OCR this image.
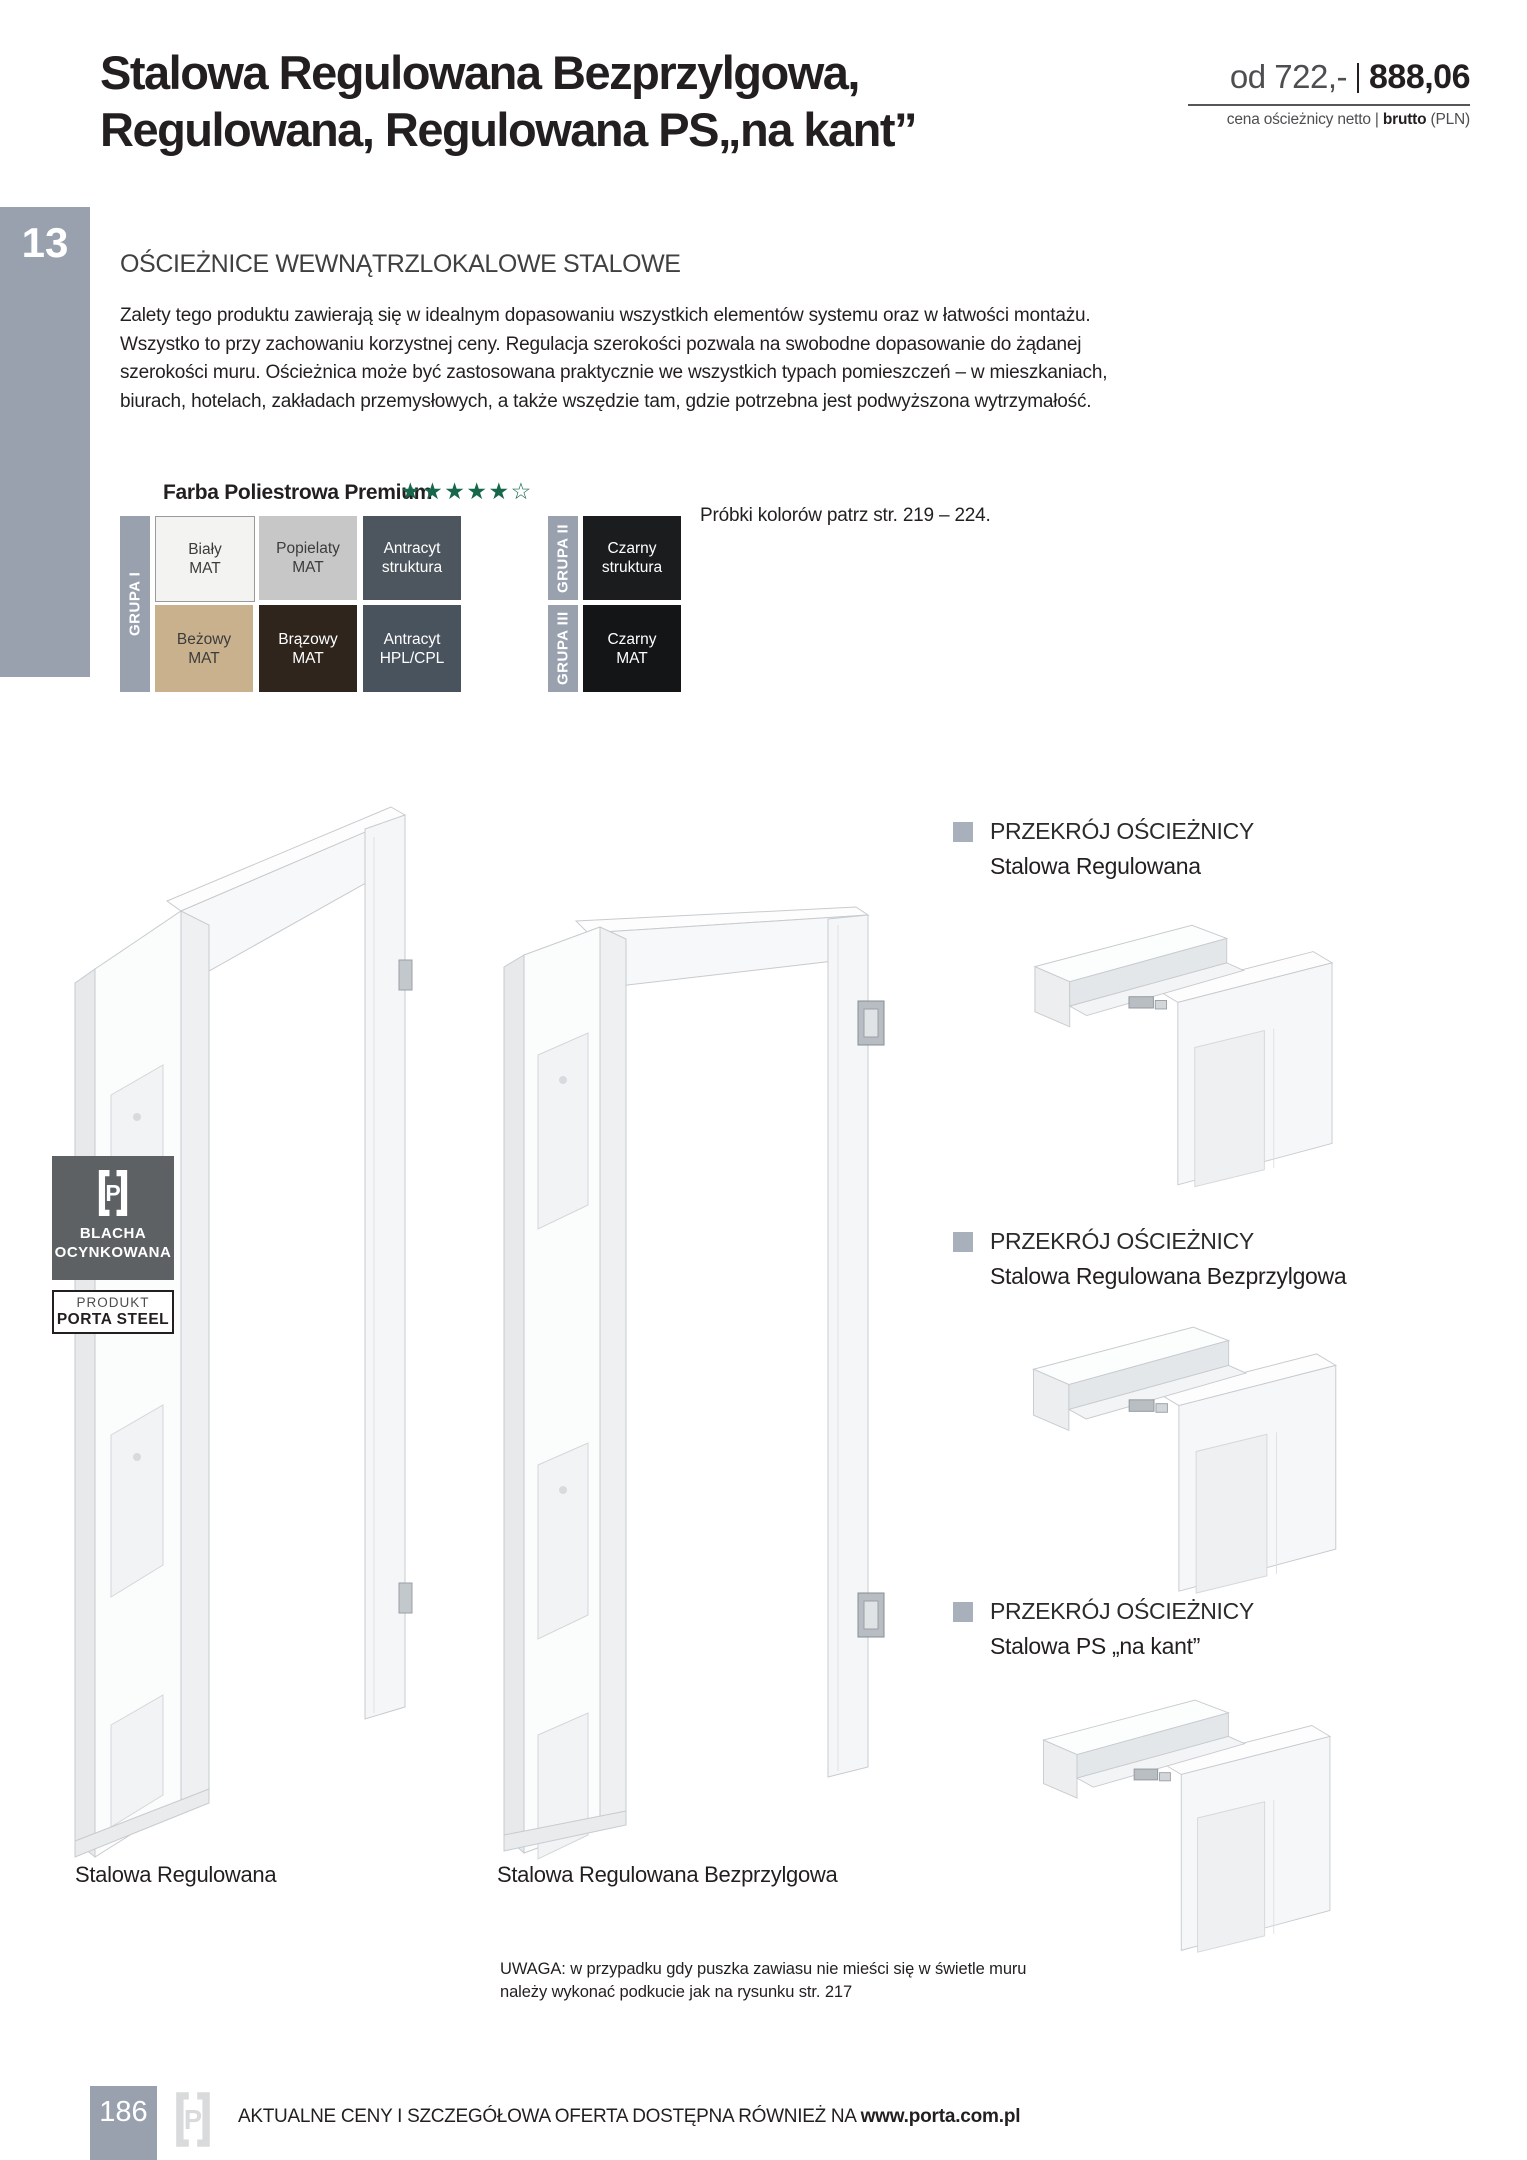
Stalowa Regulowana Bezprzylgowa,
Regulowana, Regulowana PS„na kant”
od 722,- 888,06
cena ościeżnicy netto | brutto (PLN)
13	OŚCIEŻNICE WEWNĄTRZLOKALOWE STALOWE
Zalety tego produktu zawierają się w idealnym dopasowaniu wszystkich elementów systemu oraz w łatwości montażu. Wszystko to przy zachowaniu korzystnej ceny. Regulacja szerokości pozwala na swobodne dopasowanie do żądanej szerokości muru. Ościeżnica może być zastosowana praktycznie we wszystkich typach pomieszczeń – w mieszkaniach, biurach, hotelach, zakładach przemysłowych, a także wszędzie tam, gdzie potrzebna jest podwyższona wytrzymałość.
Farba Poliestrowa Premium
★★★★★☆
Próbki kolorów patrz str. 219 – 224.
GRUPA I
Biały
MAT
Popielaty
MAT
Antracyt
struktura
Beżowy
MAT
Brązowy
MAT
Antracyt
HPL/CPL
GRUPA II	Czarny
struktura
GRUPA III	Czarny
MAT
Stalowa Regulowana
P
BLACHA
OCYNKOWANA
PRODUKT
PORTA STEEL
Stalowa Regulowana Bezprzylgowa
PRZEKRÓJ OŚCIEŻNICY
Stalowa Regulowana
PRZEKRÓJ OŚCIEŻNICY
Stalowa Regulowana Bezprzylgowa
PRZEKRÓJ OŚCIEŻNICY
Stalowa PS „na kant”
UWAGA: w przypadku gdy puszka zawiasu nie mieści się w świetle muru należy wykonać podkucie jak na rysunku str. 217
186	P AKTUALNE CENY I SZCZEGÓŁOWA OFERTA DOSTĘPNA RÓWNIEŻ NA www.porta.com.pl
